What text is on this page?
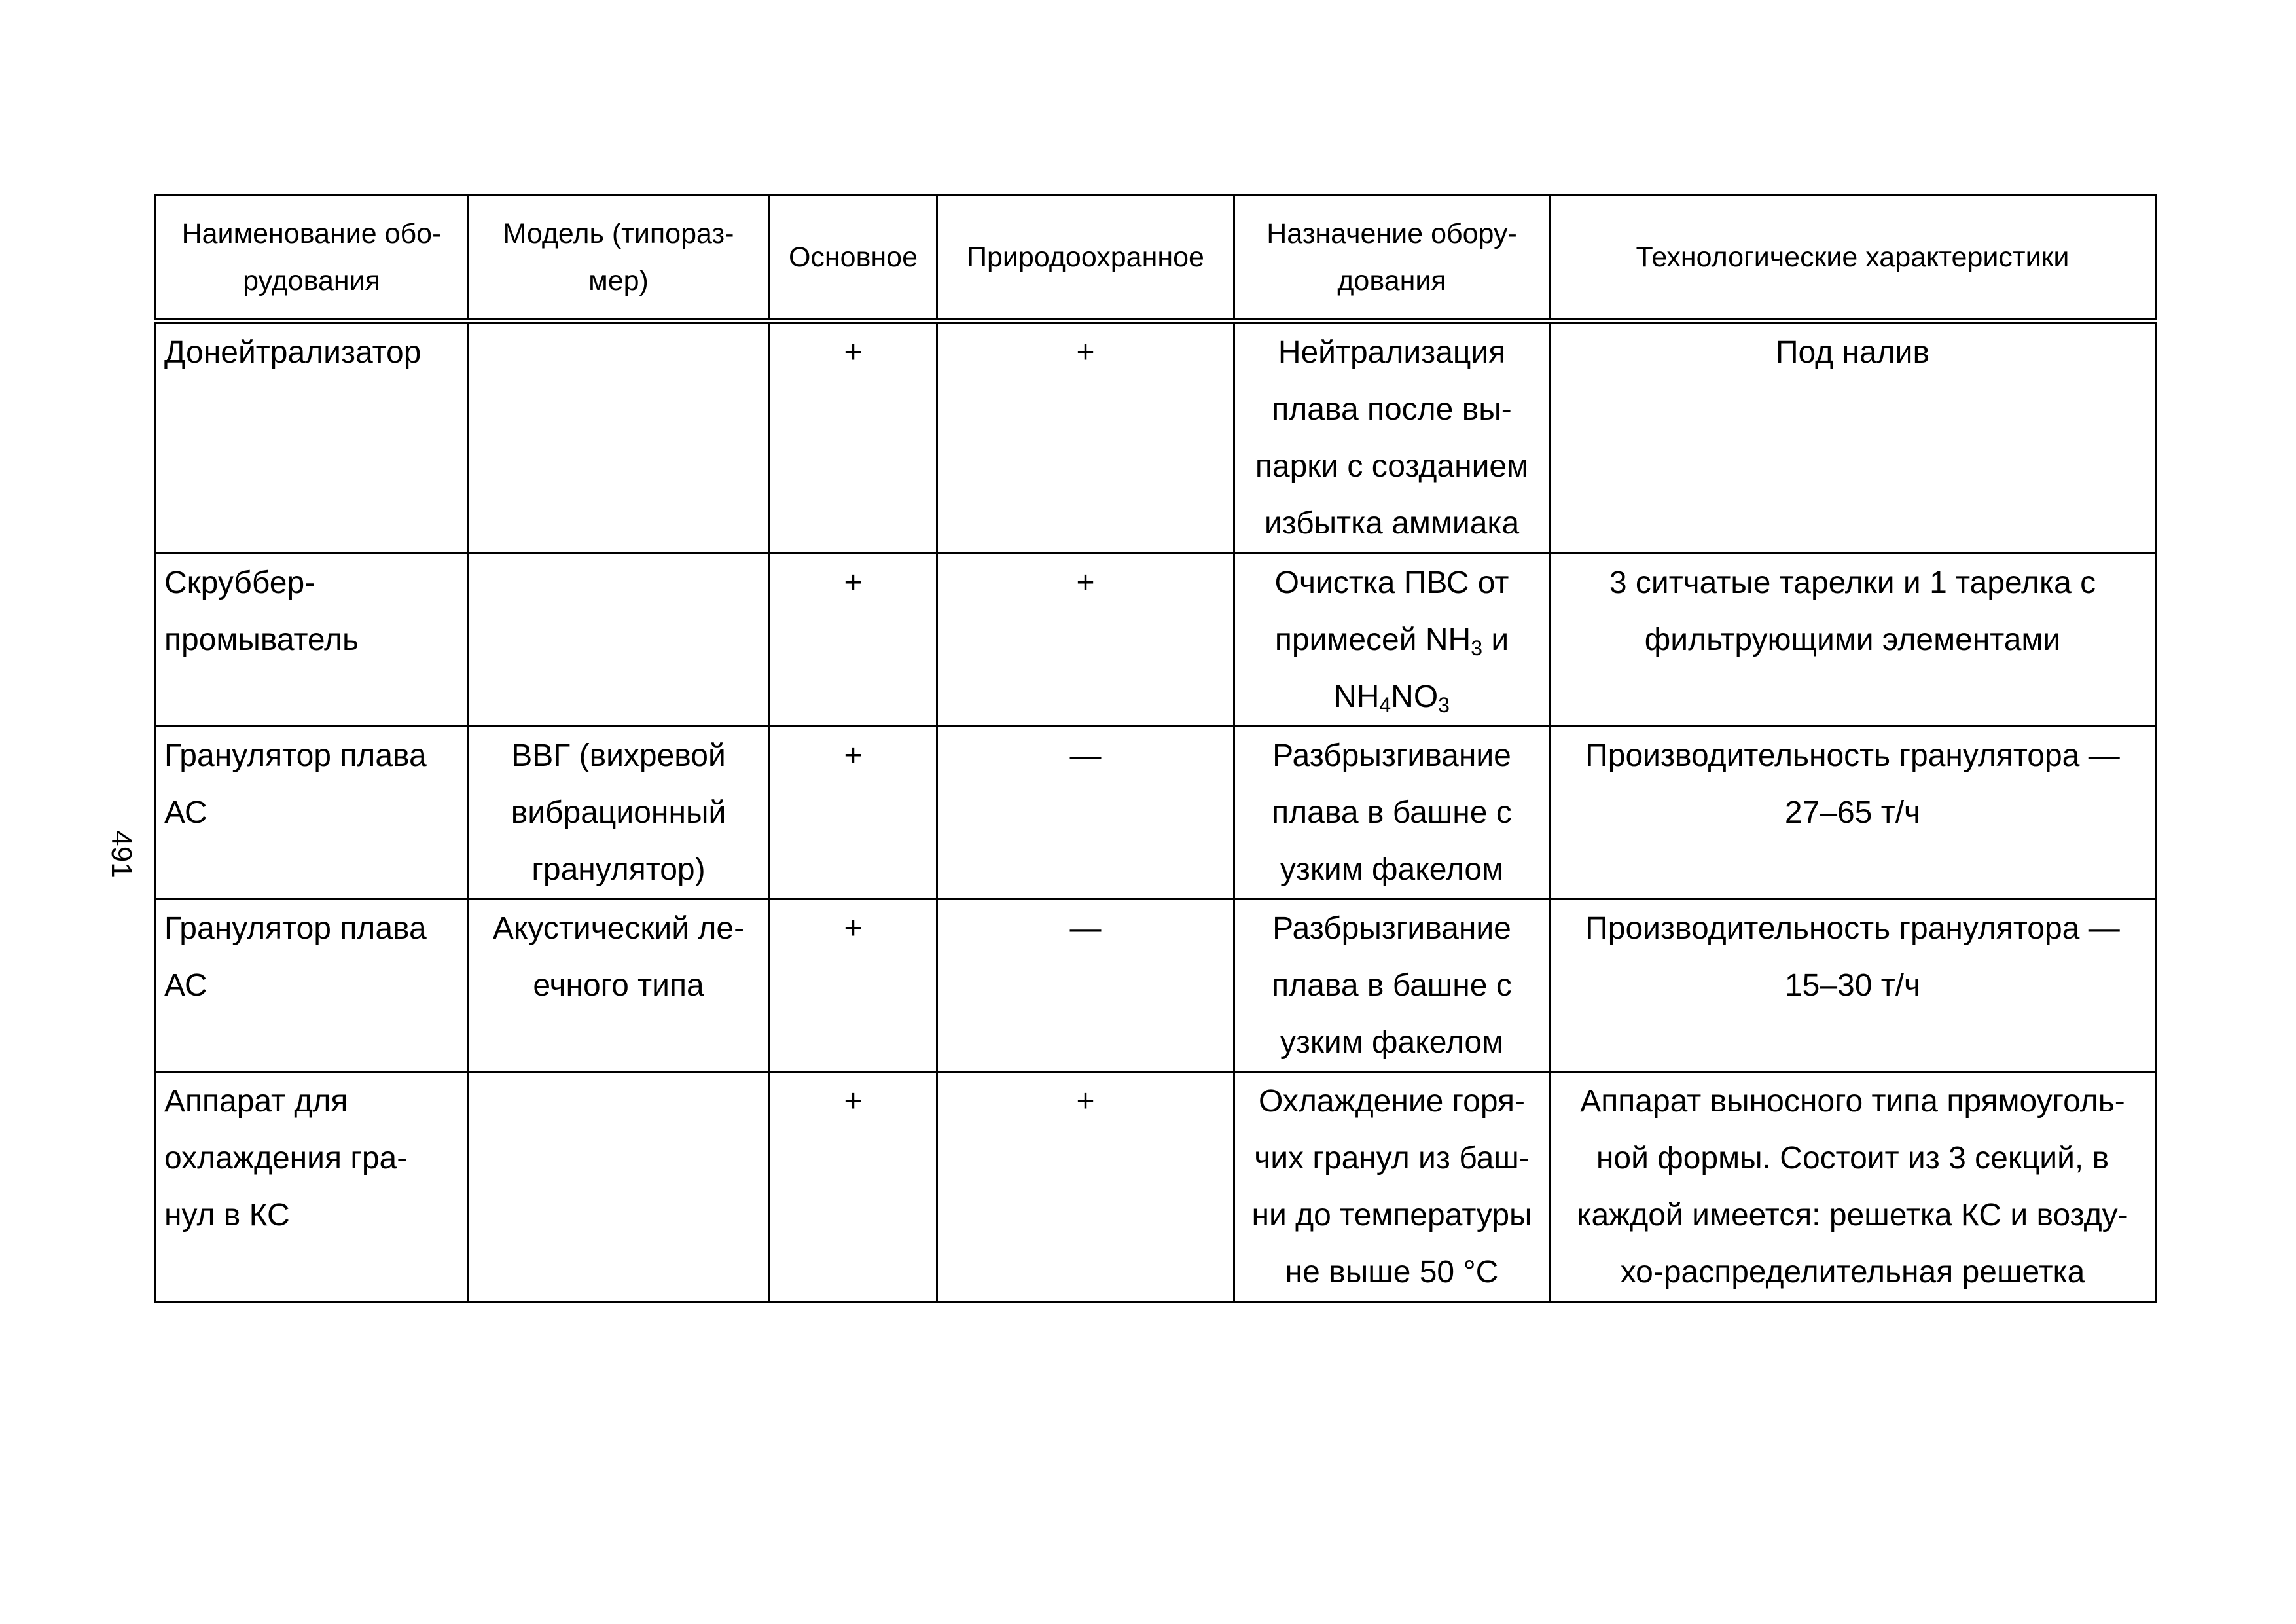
491
Наименование обо-
рудования	Модель (типораз-
мер)	Основное	Природоохранное	Назначение обору-
дования	Технологические характеристики

Донейтрализатор		+	+	Нейтрализация
плава после вы-
парки с созданием
избытка аммиака	Под налив

Скруббер-
промыватель		+	+	Очистка ПВС от
примесей $NH_3$ и
$NH_4NO_3$	3 ситчатые тарелки и 1 тарелка с
фильтрующими элементами

Гранулятор плава
АС	ВВГ (вихревой
вибрационный
гранулятор)	+	—	Разбрызгивание
плава в башне с
узким факелом	Производительность гранулятора —
27–65 т/ч

Гранулятор плава
АС	Акустический ле-
ечного типа	+	—	Разбрызгивание
плава в башне с
узким факелом	Производительность гранулятора —
15–30 т/ч

Аппарат для
охлаждения гра-
нул в КС		+	+	Охлаждение горя-
чих гранул из баш-
ни до температуры
не выше 50 °С	Аппарат выносного типа прямоуголь-
ной формы. Состоит из 3 секций, в
каждой имеется: решетка КС и возду-
хо-распределительная решетка
